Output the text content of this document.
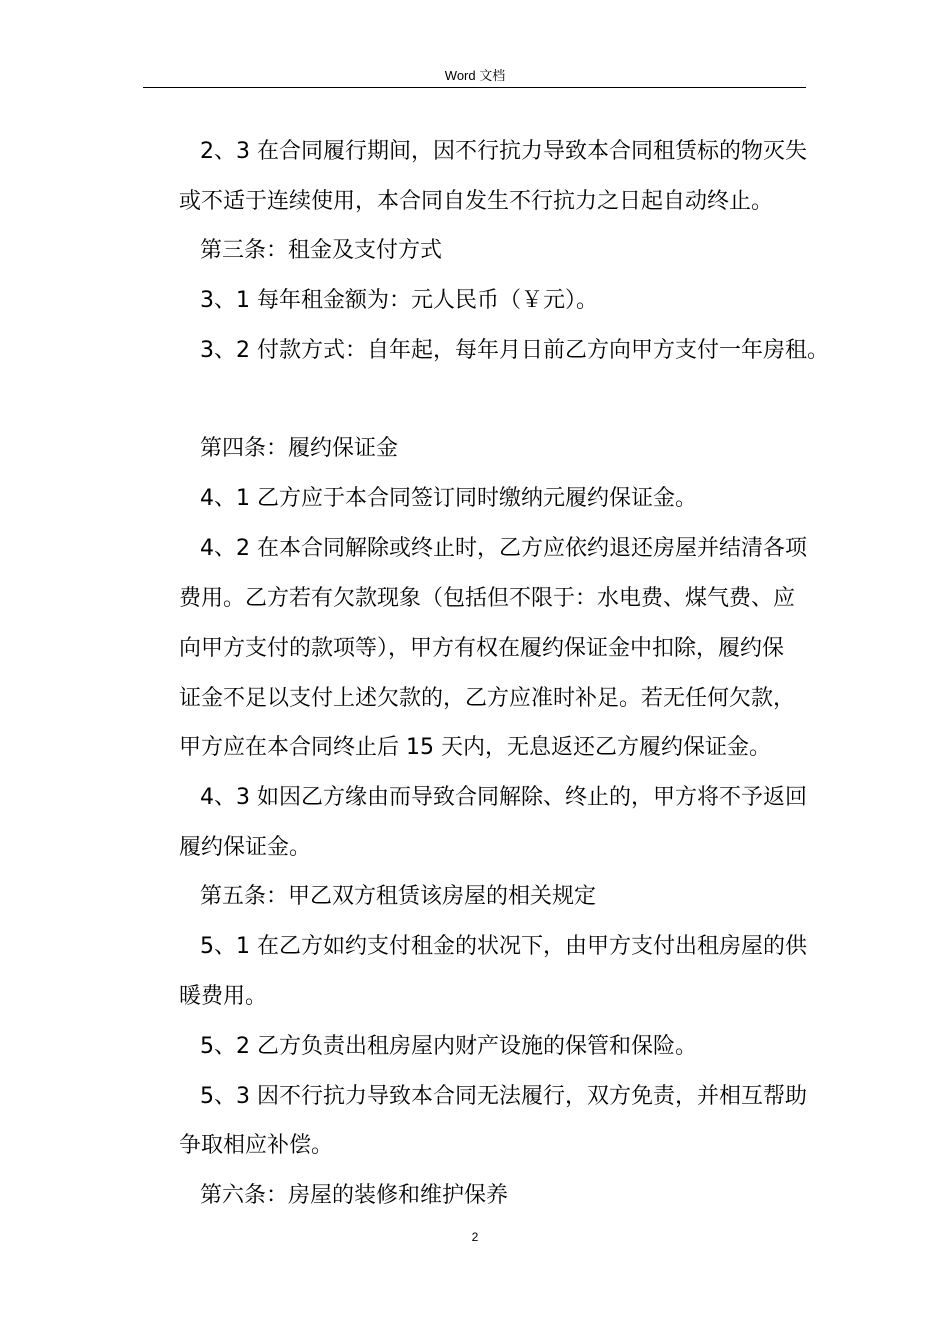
Word 文档
2、3 在合同履行期间，因不行抗力导致本合同租赁标的物灭失
或不适于连续使用，本合同自发生不行抗力之日起自动终止。
第三条：租金及支付方式
3、1 每年租金额为：元人民币（￥元）。
3、2 付款方式：自年起，每年月日前乙方向甲方支付一年房租。
第四条：履约保证金
4、1 乙方应于本合同签订同时缴纳元履约保证金。
4、2 在本合同解除或终止时，乙方应依约退还房屋并结清各项
费用。乙方若有欠款现象（包括但不限于：水电费、煤气费、应
向甲方支付的款项等），甲方有权在履约保证金中扣除，履约保
证金不足以支付上述欠款的，乙方应准时补足。若无任何欠款，
甲方应在本合同终止后 15 天内，无息返还乙方履约保证金。
4、3 如因乙方缘由而导致合同解除、终止的，甲方将不予返回
履约保证金。
第五条：甲乙双方租赁该房屋的相关规定
5、1 在乙方如约支付租金的状况下，由甲方支付出租房屋的供
暖费用。
5、2 乙方负责出租房屋内财产设施的保管和保险。
5、3 因不行抗力导致本合同无法履行，双方免责，并相互帮助
争取相应补偿。
第六条：房屋的装修和维护保养
2
